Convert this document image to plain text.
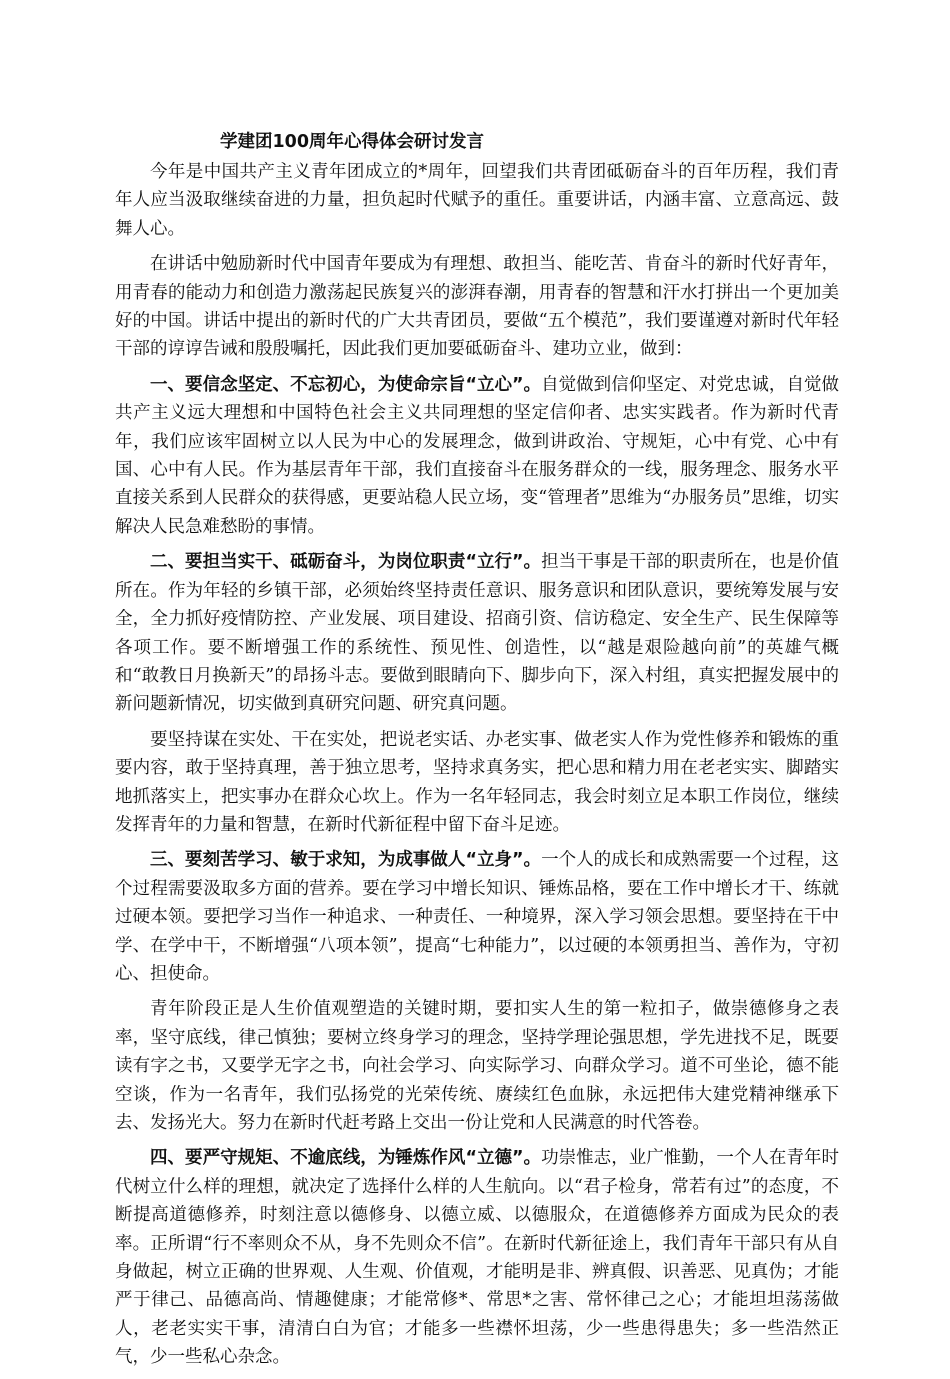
学建团100周年心得体会研讨发言

今年是中国共产主义青年团成立的*周年，回望我们共青团砥砺奋斗的百年历程，我们青年人应当汲取继续奋进的力量，担负起时代赋予的重任。重要讲话，内涵丰富、立意高远、鼓舞人心。

在讲话中勉励新时代中国青年要成为有理想、敢担当、能吃苦、肯奋斗的新时代好青年，用青春的能动力和创造力激荡起民族复兴的澎湃春潮，用青春的智慧和汗水打拼出一个更加美好的中国。讲话中提出的新时代的广大共青团员，要做“五个模范”，我们要谨遵对新时代年轻干部的谆谆告诫和殷殷嘱托，因此我们更加要砥砺奋斗、建功立业，做到：

一、要信念坚定、不忘初心，为使命宗旨“立心”。自觉做到信仰坚定、对党忠诚，自觉做共产主义远大理想和中国特色社会主义共同理想的坚定信仰者、忠实实践者。作为新时代青年，我们应该牢固树立以人民为中心的发展理念，做到讲政治、守规矩，心中有党、心中有国、心中有人民。作为基层青年干部，我们直接奋斗在服务群众的一线，服务理念、服务水平直接关系到人民群众的获得感，更要站稳人民立场，变“管理者”思维为“办服务员”思维，切实解决人民急难愁盼的事情。

二、要担当实干、砥砺奋斗，为岗位职责“立行”。担当干事是干部的职责所在，也是价值所在。作为年轻的乡镇干部，必须始终坚持责任意识、服务意识和团队意识，要统筹发展与安全，全力抓好疫情防控、产业发展、项目建设、招商引资、信访稳定、安全生产、民生保障等各项工作。要不断增强工作的系统性、预见性、创造性，以“越是艰险越向前”的英雄气概和“敢教日月换新天”的昂扬斗志。要做到眼睛向下、脚步向下，深入村组，真实把握发展中的新问题新情况，切实做到真研究问题、研究真问题。

要坚持谋在实处、干在实处，把说老实话、办老实事、做老实人作为党性修养和锻炼的重要内容，敢于坚持真理，善于独立思考，坚持求真务实，把心思和精力用在老老实实、脚踏实地抓落实上，把实事办在群众心坎上。作为一名年轻同志，我会时刻立足本职工作岗位，继续发挥青年的力量和智慧，在新时代新征程中留下奋斗足迹。

三、要刻苦学习、敏于求知，为成事做人“立身”。一个人的成长和成熟需要一个过程，这个过程需要汲取多方面的营养。要在学习中增长知识、锤炼品格，要在工作中增长才干、练就过硬本领。要把学习当作一种追求、一种责任、一种境界，深入学习领会思想。要坚持在干中学、在学中干，不断增强“八项本领”，提高“七种能力”，以过硬的本领勇担当、善作为，守初心、担使命。

青年阶段正是人生价值观塑造的关键时期，要扣实人生的第一粒扣子，做崇德修身之表率，坚守底线，律己慎独；要树立终身学习的理念，坚持学理论强思想，学先进找不足，既要读有字之书，又要学无字之书，向社会学习、向实际学习、向群众学习。道不可坐论，德不能空谈，作为一名青年，我们弘扬党的光荣传统、赓续红色血脉，永远把伟大建党精神继承下去、发扬光大。努力在新时代赶考路上交出一份让党和人民满意的时代答卷。

四、要严守规矩、不逾底线，为锤炼作风“立德”。功崇惟志，业广惟勤，一个人在青年时代树立什么样的理想，就决定了选择什么样的人生航向。以“君子检身，常若有过”的态度，不断提高道德修养，时刻注意以德修身、以德立威、以德服众，在道德修养方面成为民众的表率。正所谓“行不率则众不从，身不先则众不信”。在新时代新征途上，我们青年干部只有从自身做起，树立正确的世界观、人生观、价值观，才能明是非、辨真假、识善恶、见真伪；才能严于律己、品德高尚、情趣健康；才能常修*、常思*之害、常怀律己之心；才能坦坦荡荡做人，老老实实干事，清清白白为官；才能多一些襟怀坦荡，少一些患得患失；多一些浩然正气，少一些私心杂念。
